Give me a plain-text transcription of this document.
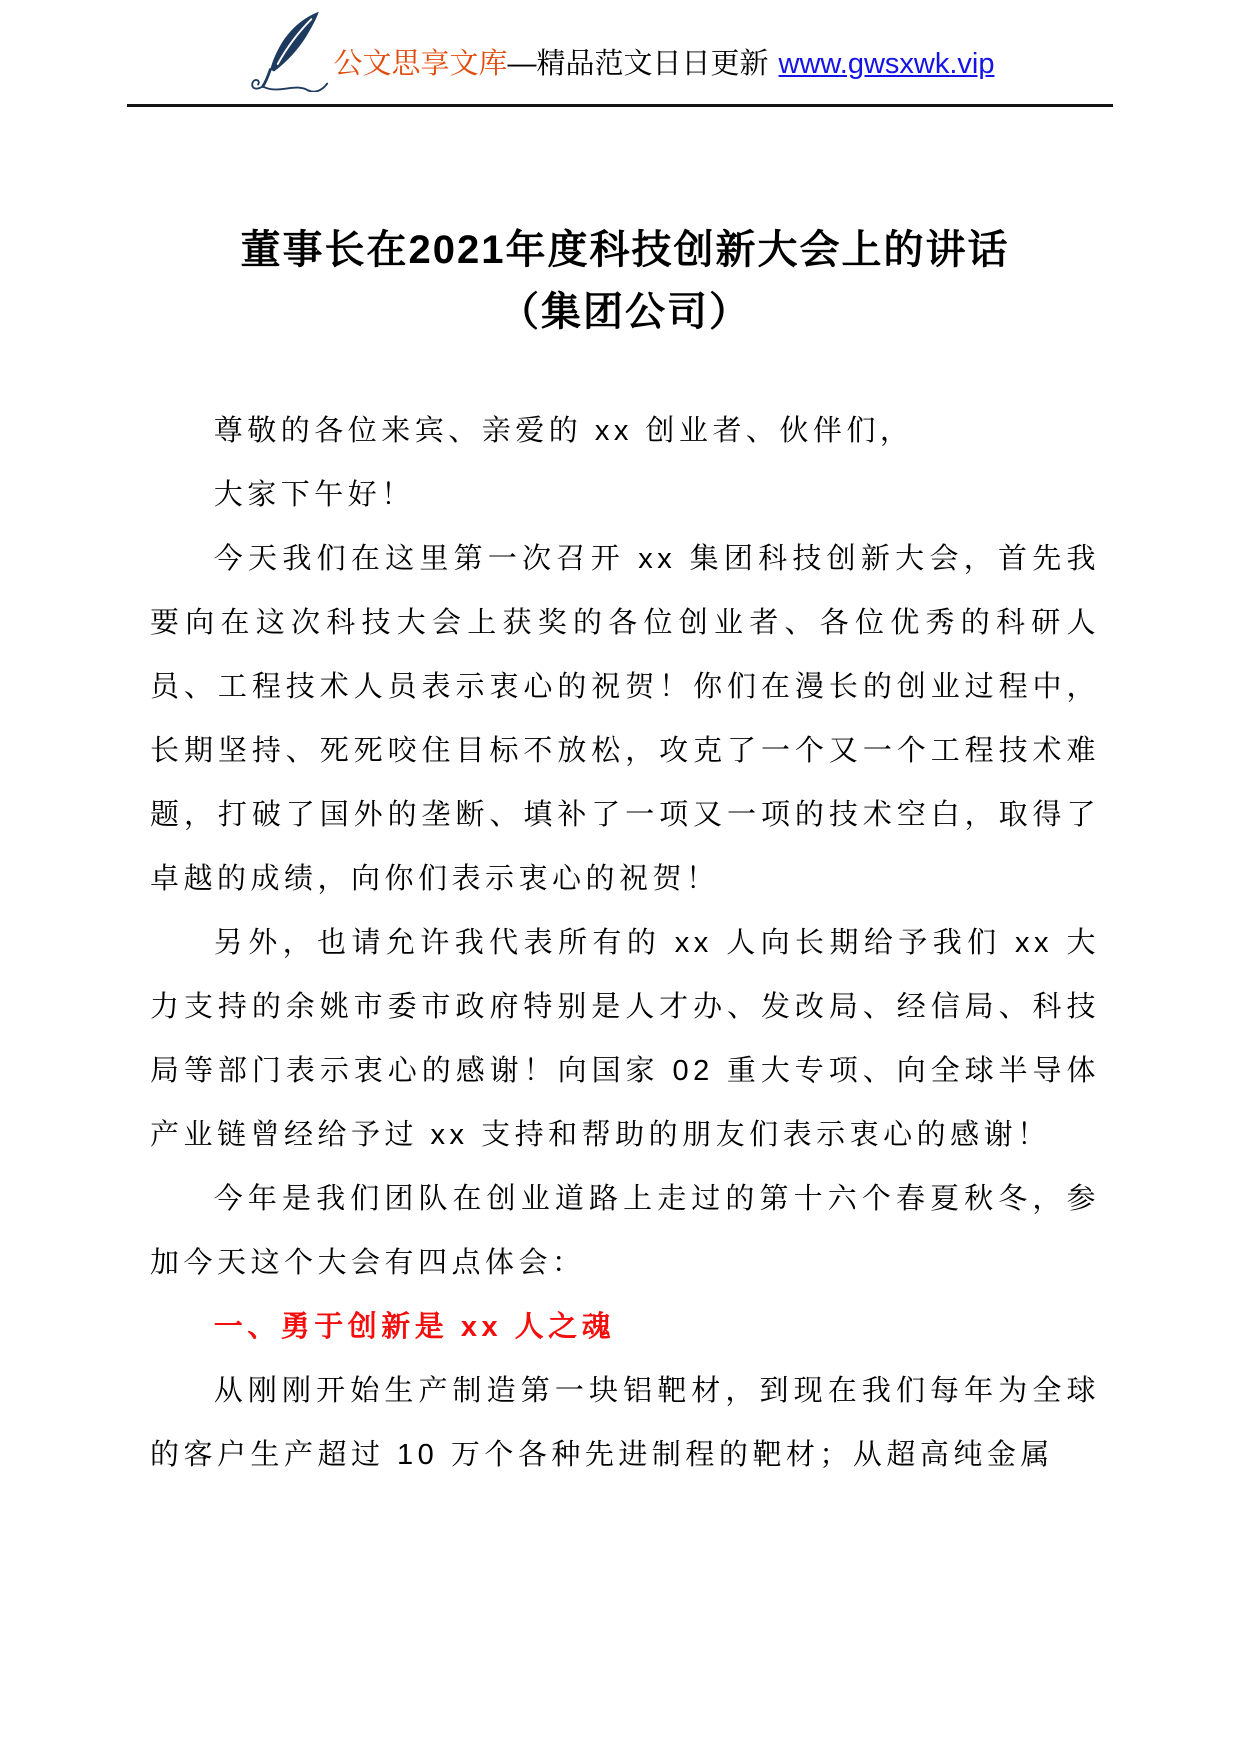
公文思享文库 —精品范文日日更新 www.gwsxwk.vip
董事长在2021年度科技创新大会上的讲话
（集团公司）

尊敬的各位来宾、亲爱的 xx 创业者、伙伴们，

大家下午好！

今天我们在这里第一次召开 xx 集团科技创新大会，首先我要向在这次科技大会上获奖的各位创业者、各位优秀的科研人员、工程技术人员表示衷心的祝贺！你们在漫长的创业过程中，长期坚持、死死咬住目标不放松，攻克了一个又一个工程技术难题，打破了国外的垄断、填补了一项又一项的技术空白，取得了卓越的成绩，向你们表示衷心的祝贺！

另外，也请允许我代表所有的 xx 人向长期给予我们 xx 大力支持的余姚市委市政府特别是人才办、发改局、经信局、科技局等部门表示衷心的感谢！向国家 02 重大专项、向全球半导体产业链曾经给予过 xx 支持和帮助的朋友们表示衷心的感谢！

今年是我们团队在创业道路上走过的第十六个春夏秋冬，参加今天这个大会有四点体会：

一、勇于创新是 xx 人之魂

从刚刚开始生产制造第一块铝靶材，到现在我们每年为全球的客户生产超过 10 万个各种先进制程的靶材；从超高纯金属
